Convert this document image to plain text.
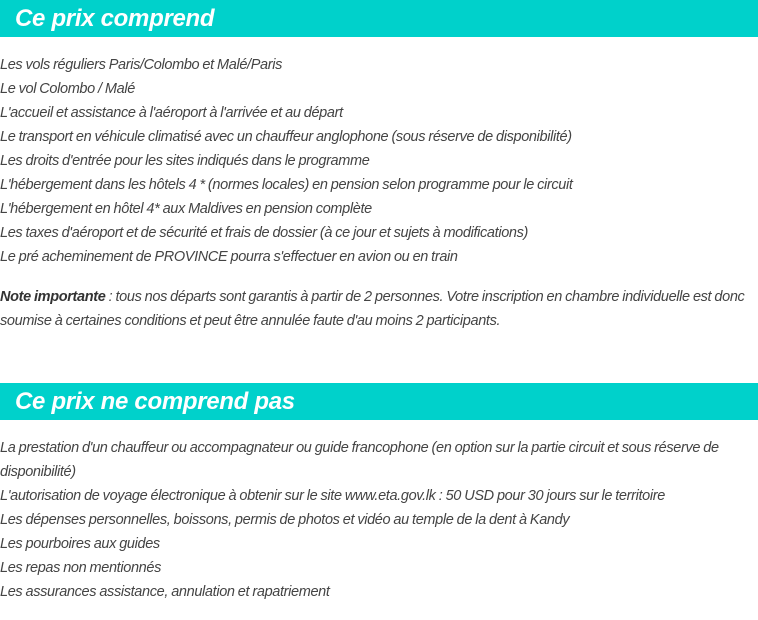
Ce prix comprend
Les vols réguliers Paris/Colombo et Malé/Paris
Le vol Colombo / Malé
L'accueil et assistance à l'aéroport à l'arrivée et au départ
Le transport en véhicule climatisé avec un chauffeur anglophone (sous réserve de disponibilité)
Les droits d'entrée pour les sites indiqués dans le programme
L'hébergement dans les hôtels 4 * (normes locales) en pension selon programme pour le circuit
L'hébergement en hôtel 4* aux Maldives en pension complète
Les taxes d'aéroport et de sécurité et frais de dossier (à ce jour et sujets à modifications)
Le pré acheminement de PROVINCE pourra s'effectuer en avion ou en train

Note importante : tous nos départs sont garantis à partir de 2 personnes. Votre inscription en chambre individuelle est donc soumise à certaines conditions et peut être annulée faute d'au moins 2 participants.

Ce prix ne comprend pas
La prestation d'un chauffeur ou accompagnateur ou guide francophone (en option sur la partie circuit et sous réserve de disponibilité)
L'autorisation de voyage électronique à obtenir sur le site www.eta.gov.lk : 50 USD pour 30 jours sur le territoire
Les dépenses personnelles, boissons, permis de photos et vidéo au temple de la dent à Kandy
Les pourboires aux guides
Les repas non mentionnés
Les assurances assistance, annulation et rapatriement
